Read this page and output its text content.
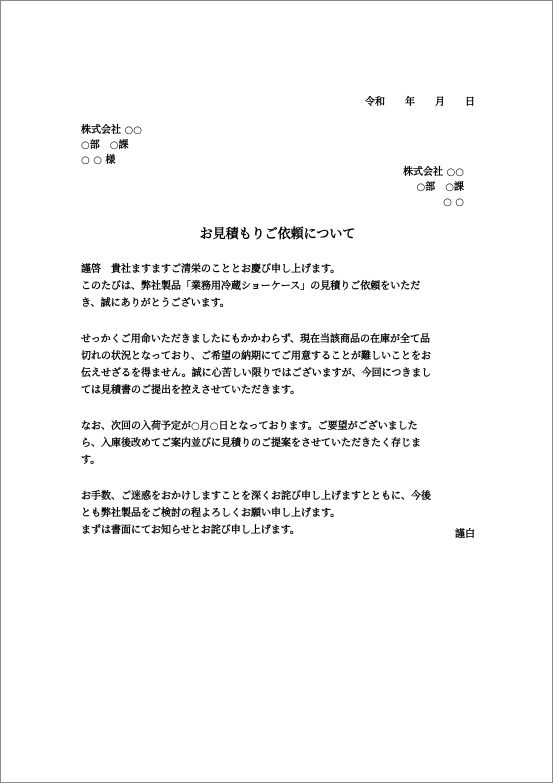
令和　　年　　月　　日
株式会社 ○○
○部　○課
○ ○ 様
株式会社 ○○
○部　○課
○ ○
お見積もりご依頼について
謹啓　貴社ますますご清栄のこととお慶び申し上げます。
このたびは、弊社製品「業務用冷蔵ショーケース」の見積りご依頼をいただ
き、誠にありがとうございます。
せっかくご用命いただきましたにもかかわらず、現在当該商品の在庫が全て品
切れの状況となっており、ご希望の納期にてご用意することが難しいことをお
伝えせざるを得ません。誠に心苦しい限りではございますが、今回につきまし
ては見積書のご提出を控えさせていただきます。
なお、次回の入荷予定が○月○日となっております。ご要望がございました
ら、入庫後改めてご案内並びに見積りのご提案をさせていただきたく存じま
す。
お手数、ご迷惑をおかけしますことを深くお詫び申し上げますとともに、今後
とも弊社製品をご検討の程よろしくお願い申し上げます。
まずは書面にてお知らせとお詫び申し上げます。	謹白
